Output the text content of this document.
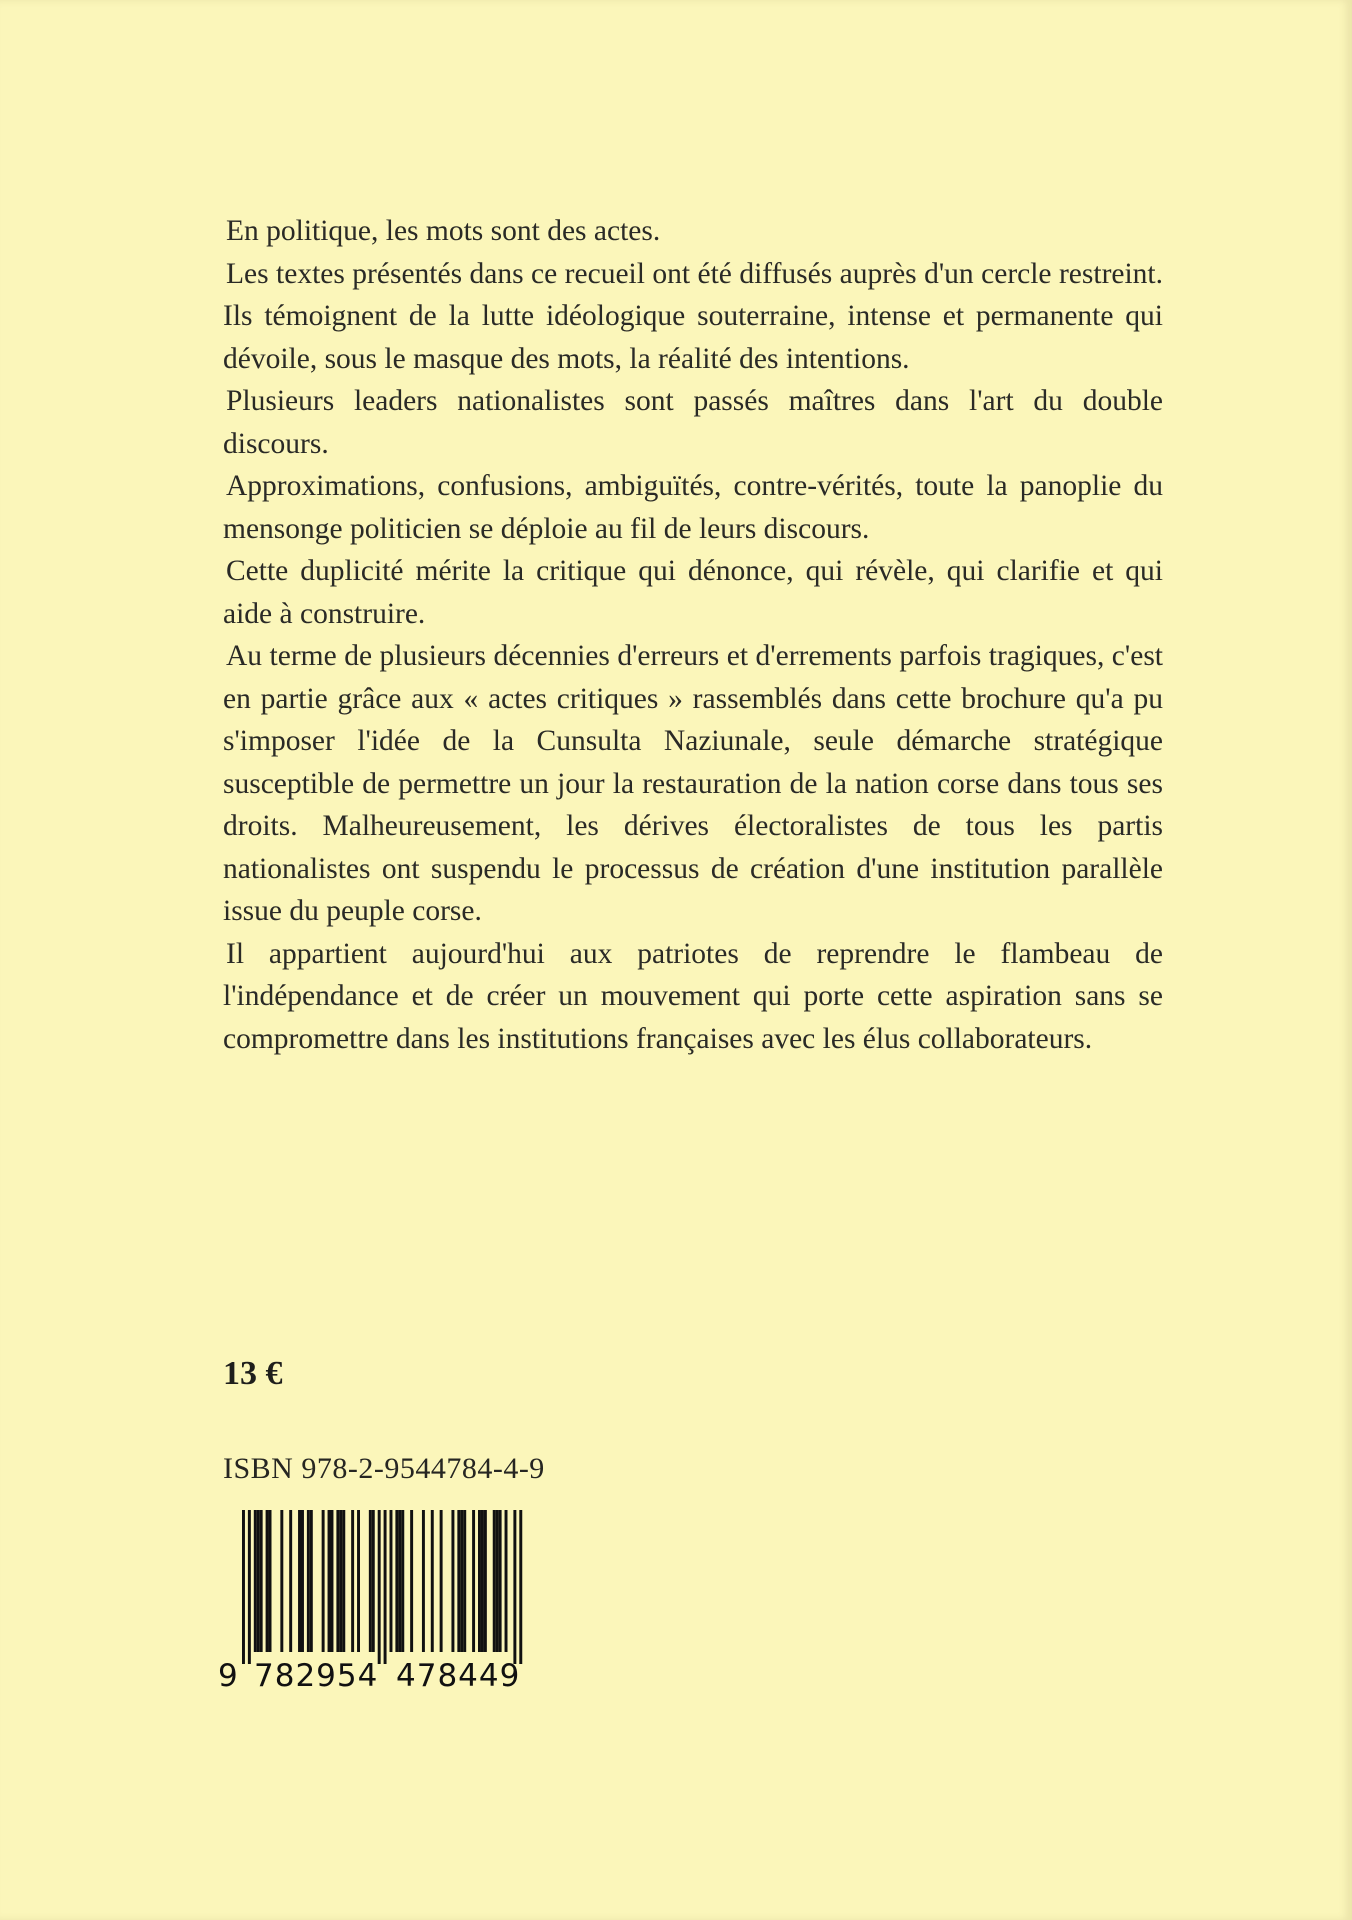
En politique, les mots sont des actes.

Les textes présentés dans ce recueil ont été diffusés auprès d'un cercle restreint. Ils témoignent de la lutte idéologique souterraine, intense et permanente qui dévoile, sous le masque des mots, la réalité des intentions.

Plusieurs leaders nationalistes sont passés maîtres dans l'art du double discours.

Approximations, confusions, ambiguïtés, contre-vérités, toute la panoplie du mensonge politicien se déploie au fil de leurs discours.

Cette duplicité mérite la critique qui dénonce, qui révèle, qui clarifie et qui aide à construire.

Au terme de plusieurs décennies d'erreurs et d'errements parfois tragiques, c'est en partie grâce aux « actes critiques » rassemblés dans cette brochure qu'a pu s'imposer l'idée de la Cunsulta Naziunale, seule démarche stratégique susceptible de permettre un jour la restauration de la nation corse dans tous ses droits. Malheureusement, les dérives électoralistes de tous les partis nationalistes ont suspendu le processus de création d'une institution parallèle issue du peuple corse.

Il appartient aujourd'hui aux patriotes de reprendre le flambeau de l'indépendance et de créer un mouvement qui porte cette aspiration sans se compromettre dans les institutions françaises avec les élus collaborateurs.

13 €
ISBN 978-2-9544784-4-9
9 782954 478449
